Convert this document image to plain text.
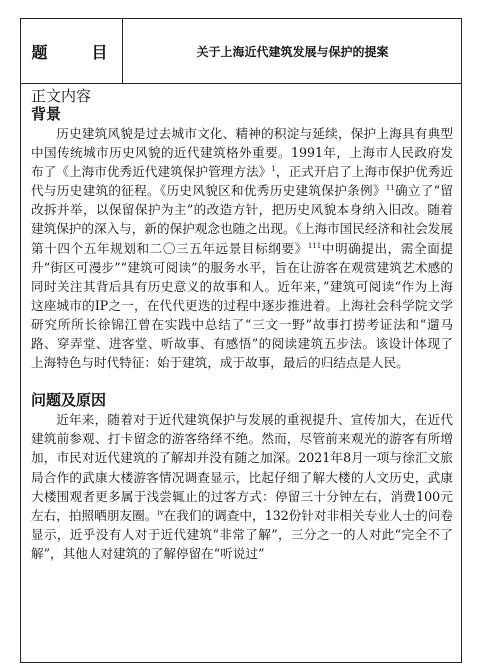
题　目	关于上海近代建筑发展与保护的提案
正文内容
背景

历史建筑风貌是过去城市文化、精神的积淀与延续，保护上海具有典型中国传统城市历史风貌的近代建筑格外重要。1991年，上海市人民政府发布了《上海市优秀近代建筑保护管理方法》$^1$，正式开启了上海市保护优秀近代与历史建筑的征程。《历史风貌区和优秀历史建筑保护条例》$^{11}$确立了“留改拆并举，以保留保护为主”的改造方针，把历史风貌本身纳入旧改。随着建筑保护的深入与，新的保护观念也随之出现。《上海市国民经济和社会发展第十四个五年规划和二〇三五年远景目标纲要》$^{111}$中明确提出，需全面提升“街区可漫步”“建筑可阅读”的服务水平，旨在让游客在观赏建筑艺术感的同时关注其背后具有历史意义的故事和人。近年来，”建筑可阅读“作为上海这座城市的IP之一，在代代更迭的过程中逐步推进着。上海社会科学院文学研究所所长徐锦江曾在实践中总结了“三文一野”故事打捞考证法和“遛马路、穿弄堂、进客堂、听故事、有感悟”的阅读建筑五步法。该设计体现了上海特色与时代特征：始于建筑，成于故事，最后的归结点是人民。

问题及原因

近年来，随着对于近代建筑保护与发展的重视提升、宣传加大，在近代建筑前参观、打卡留念的游客络绎不绝。然而，尽管前来观光的游客有所增加，市民对近代建筑的了解却并没有随之加深。2021年8月一项与徐汇文旅局合作的武康大楼游客情况调查显示，比起仔细了解大楼的人文历史，武康大楼围观者更多属于浅尝辄止的过客方式：停留三十分钟左右，消费100元左右，拍照晒朋友圈。$^{iv}$在我们的调查中，132份针对非相关专业人士的问卷显示，近乎没有人对于近代建筑“非常了解”，三分之一的人对此“完全不了解”，其他人对建筑的了解停留在“听说过”
